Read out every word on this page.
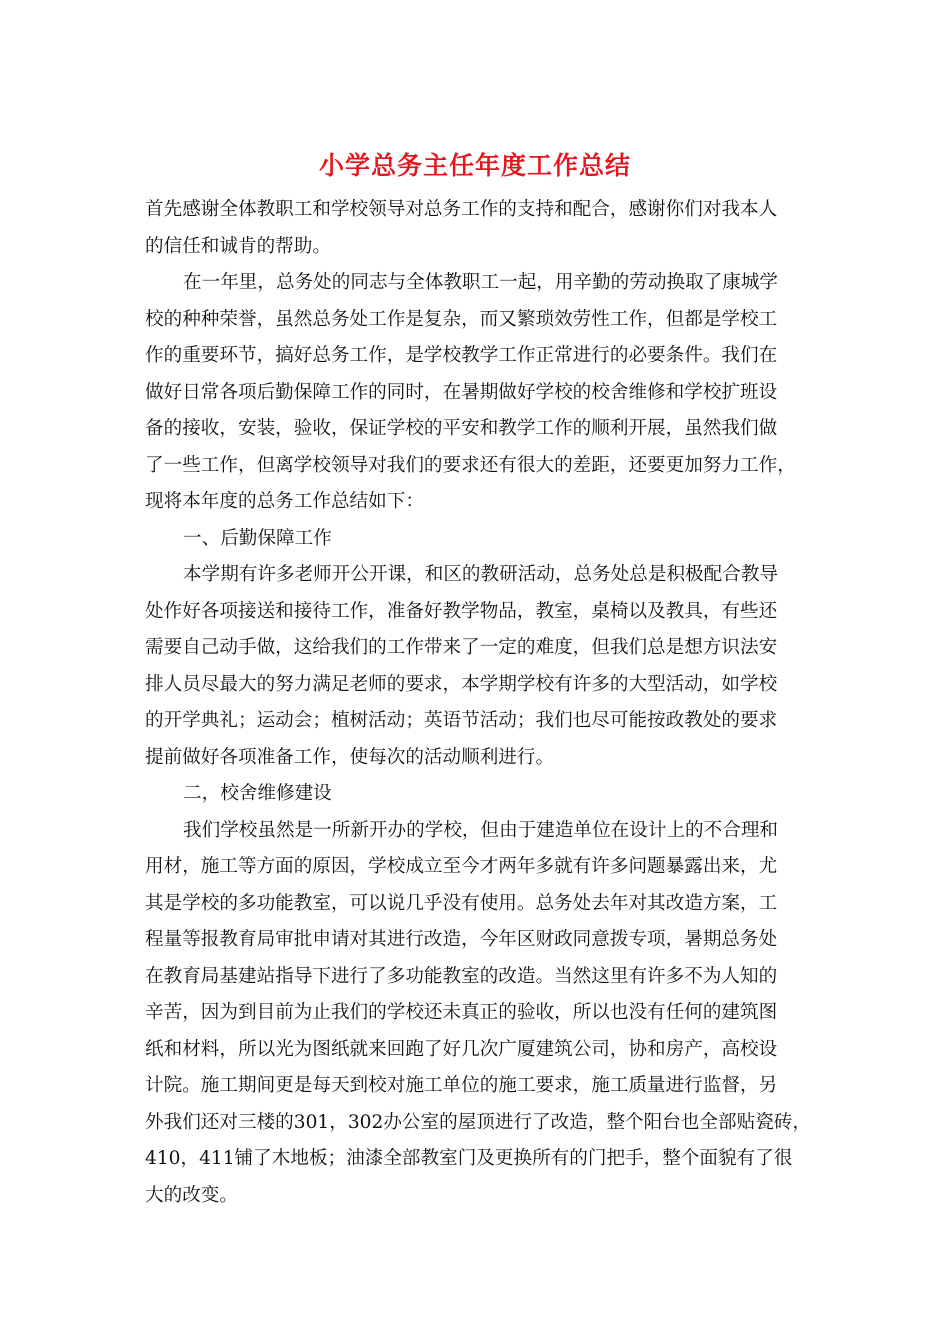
小学总务主任年度工作总结
首先感谢全体教职工和学校领导对总务工作的支持和配合，感谢你们对我本人
的信任和诚肯的帮助。
在一年里，总务处的同志与全体教职工一起，用辛勤的劳动换取了康城学
校的种种荣誉，虽然总务处工作是复杂，而又繁琐效劳性工作，但都是学校工
作的重要环节，搞好总务工作，是学校教学工作正常进行的必要条件。我们在
做好日常各项后勤保障工作的同时，在暑期做好学校的校舍维修和学校扩班设
备的接收，安装，验收，保证学校的平安和教学工作的顺利开展，虽然我们做
了一些工作，但离学校领导对我们的要求还有很大的差距，还要更加努力工作，
现将本年度的总务工作总结如下：
一、后勤保障工作
本学期有许多老师开公开课，和区的教研活动，总务处总是积极配合教导
处作好各项接送和接待工作，准备好教学物品，教室，桌椅以及教具，有些还
需要自己动手做，这给我们的工作带来了一定的难度，但我们总是想方识法安
排人员尽最大的努力满足老师的要求，本学期学校有许多的大型活动，如学校
的开学典礼；运动会；植树活动；英语节活动；我们也尽可能按政教处的要求
提前做好各项准备工作，使每次的活动顺利进行。
二，校舍维修建设
我们学校虽然是一所新开办的学校，但由于建造单位在设计上的不合理和
用材，施工等方面的原因，学校成立至今才两年多就有许多问题暴露出来，尤
其是学校的多功能教室，可以说几乎没有使用。总务处去年对其改造方案，工
程量等报教育局审批申请对其进行改造，今年区财政同意拨专项，暑期总务处
在教育局基建站指导下进行了多功能教室的改造。当然这里有许多不为人知的
辛苦，因为到目前为止我们的学校还未真正的验收，所以也没有任何的建筑图
纸和材料，所以光为图纸就来回跑了好几次广厦建筑公司，协和房产，高校设
计院。施工期间更是每天到校对施工单位的施工要求，施工质量进行监督，另
外我们还对三楼的301，302办公室的屋顶进行了改造，整个阳台也全部贴瓷砖，
410，411铺了木地板；油漆全部教室门及更换所有的门把手，整个面貌有了很
大的改变。
